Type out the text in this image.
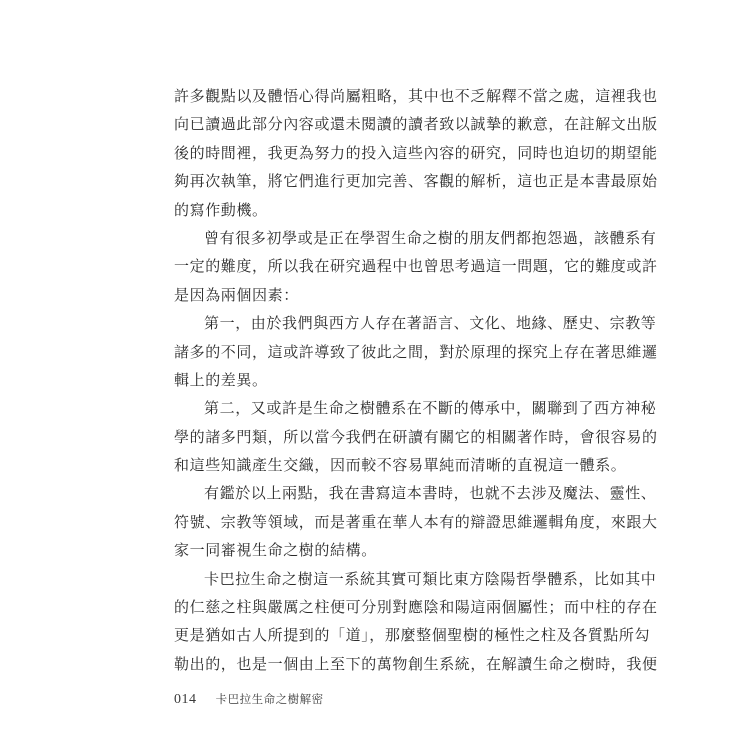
許多觀點以及體悟心得尚屬粗略，其中也不乏解釋不當之處，這裡我也
向已讀過此部分內容或還未閱讀的讀者致以誠摯的歉意，在註解文出版
後的時間裡，我更為努力的投入這些內容的研究，同時也迫切的期望能
夠再次執筆，將它們進行更加完善、客觀的解析，這也正是本書最原始
的寫作動機。
曾有很多初學或是正在學習生命之樹的朋友們都抱怨過，該體系有
一定的難度，所以我在研究過程中也曾思考過這一問題，它的難度或許
是因為兩個因素：
第一，由於我們與西方人存在著語言、文化、地緣、歷史、宗教等
諸多的不同，這或許導致了彼此之間，對於原理的探究上存在著思維邏
輯上的差異。
第二，又或許是生命之樹體系在不斷的傳承中，關聯到了西方神秘
學的諸多門類，所以當今我們在研讀有關它的相關著作時，會很容易的
和這些知識產生交織，因而較不容易單純而清晰的直視這一體系。
有鑑於以上兩點，我在書寫這本書時，也就不去涉及魔法、靈性、
符號、宗教等領域，而是著重在華人本有的辯證思維邏輯角度，來跟大
家一同審視生命之樹的結構。
卡巴拉生命之樹這一系統其實可類比東方陰陽哲學體系，比如其中
的仁慈之柱與嚴厲之柱便可分別對應陰和陽這兩個屬性；而中柱的存在
更是猶如古人所提到的「道」，那麼整個聖樹的極性之柱及各質點所勾
勒出的，也是一個由上至下的萬物創生系統，在解讀生命之樹時，我便
014 卡巴拉生命之樹解密
